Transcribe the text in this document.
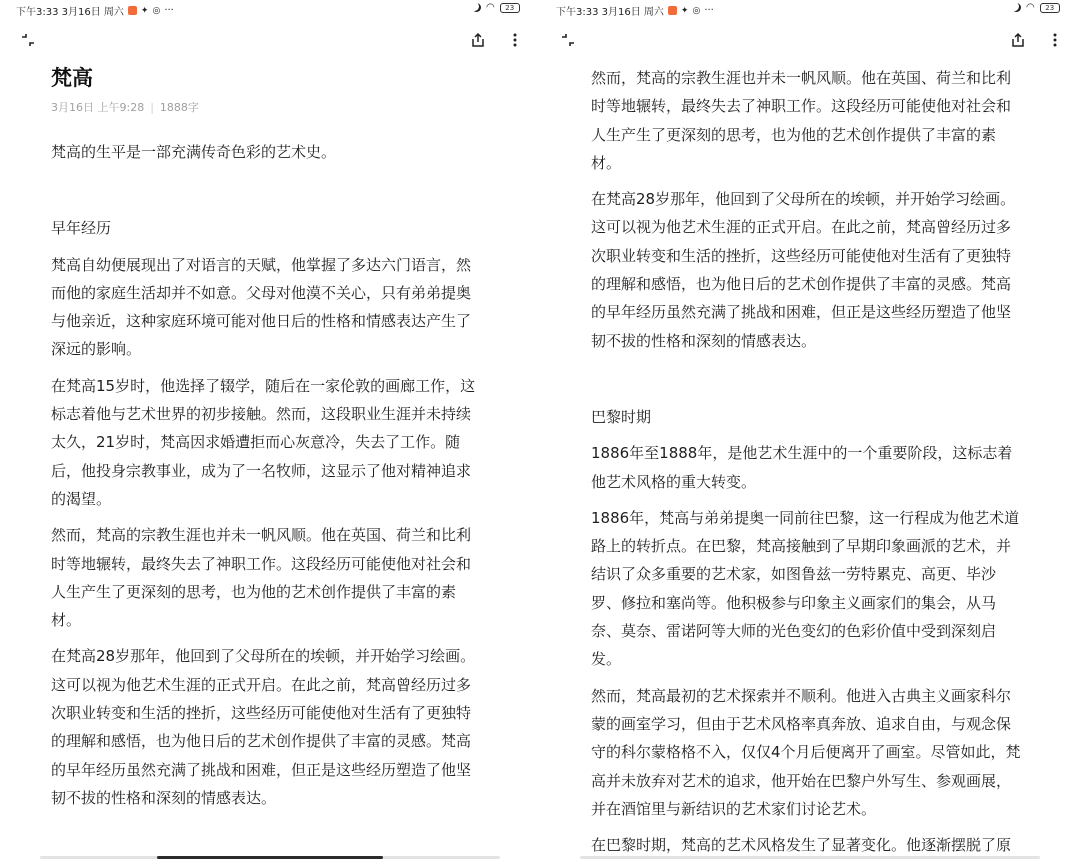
下午3:33 3月16日 周六 ✦ ◎ ···	◠	23	下午3:33 3月16日 周六 ✦ ◎ ···	◠	23
梵高
3月16日 上午9:28 | 1888字
梵高的生平是一部充满传奇色彩的艺术史。
早年经历
梵高自幼便展现出了对语言的天赋，他掌握了多达六门语言，然而他的家庭生活却并不如意。父母对他漠不关心，只有弟弟提奥与他亲近，这种家庭环境可能对他日后的性格和情感表达产生了深远的影响。
在梵高15岁时，他选择了辍学，随后在一家伦敦的画廊工作，这标志着他与艺术世界的初步接触。然而，这段职业生涯并未持续太久，21岁时，梵高因求婚遭拒而心灰意冷，失去了工作。随后，他投身宗教事业，成为了一名牧师，这显示了他对精神追求的渴望。
然而，梵高的宗教生涯也并未一帆风顺。他在英国、荷兰和比利时等地辗转，最终失去了神职工作。这段经历可能使他对社会和人生产生了更深刻的思考，也为他的艺术创作提供了丰富的素材。
在梵高28岁那年，他回到了父母所在的埃顿，并开始学习绘画。这可以视为他艺术生涯的正式开启。在此之前，梵高曾经历过多次职业转变和生活的挫折，这些经历可能使他对生活有了更独特的理解和感悟，也为他日后的艺术创作提供了丰富的灵感。梵高的早年经历虽然充满了挑战和困难，但正是这些经历塑造了他坚韧不拔的性格和深刻的情感表达。
然而，梵高的宗教生涯也并未一帆风顺。他在英国、荷兰和比利时等地辗转，最终失去了神职工作。这段经历可能使他对社会和人生产生了更深刻的思考，也为他的艺术创作提供了丰富的素材。
在梵高28岁那年，他回到了父母所在的埃顿，并开始学习绘画。这可以视为他艺术生涯的正式开启。在此之前，梵高曾经历过多次职业转变和生活的挫折，这些经历可能使他对生活有了更独特的理解和感悟，也为他日后的艺术创作提供了丰富的灵感。梵高的早年经历虽然充满了挑战和困难，但正是这些经历塑造了他坚韧不拔的性格和深刻的情感表达。
巴黎时期
1886年至1888年，是他艺术生涯中的一个重要阶段，这标志着他艺术风格的重大转变。
1886年，梵高与弟弟提奥一同前往巴黎，这一行程成为他艺术道路上的转折点。在巴黎，梵高接触到了早期印象画派的艺术，并结识了众多重要的艺术家，如图鲁兹一劳特累克、高更、毕沙罗、修拉和塞尚等。他积极参与印象主义画家们的集会，从马奈、莫奈、雷诺阿等大师的光色变幻的色彩价值中受到深刻启发。
然而，梵高最初的艺术探索并不顺利。他进入古典主义画家科尔蒙的画室学习，但由于艺术风格率真奔放、追求自由，与观念保守的科尔蒙格格不入，仅仅4个月后便离开了画室。尽管如此，梵高并未放弃对艺术的追求，他开始在巴黎户外写生、参观画展，并在酒馆里与新结识的艺术家们讨论艺术。
在巴黎时期，梵高的艺术风格发生了显著变化。他逐渐摆脱了原
